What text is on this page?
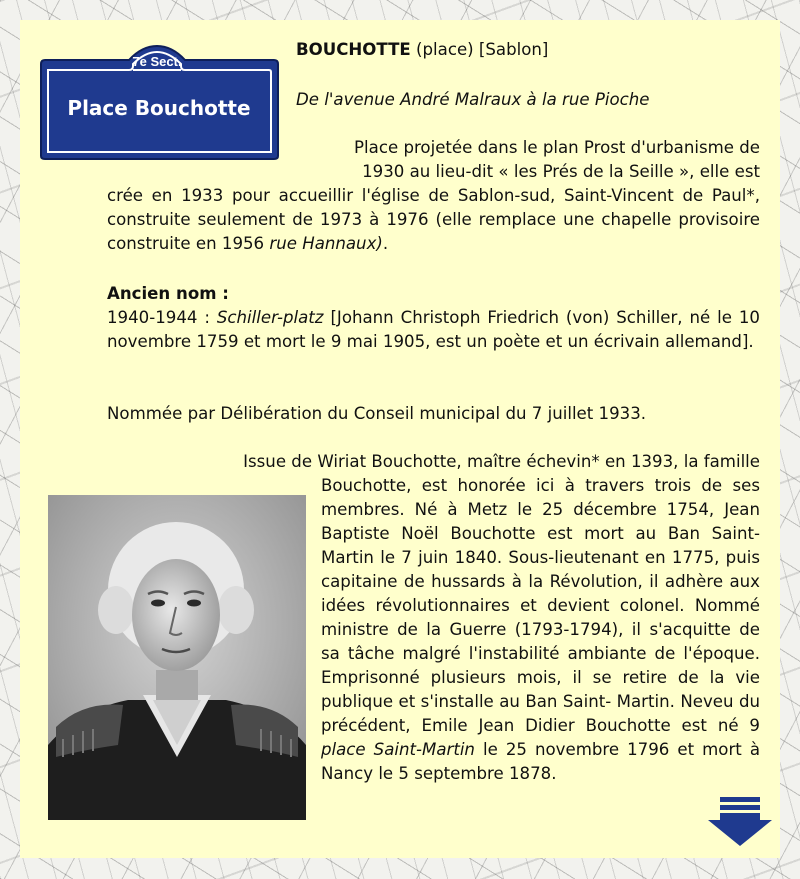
7e Sect.
Place Bouchotte
BOUCHOTTE (place) [Sablon]
De l'avenue André Malraux à la rue Pioche
Place projetée dans le plan Prost d'urbanisme de
1930 au lieu-dit « les Prés de la Seille », elle est
crée en 1933 pour accueillir l'église de Sablon-sud, Saint-Vincent de Paul*, construite seulement de 1973 à 1976 (elle remplace une chapelle provisoire construite en 1956 rue Hannaux).
Ancien nom :
1940-1944 : Schiller-platz [Johann Christoph Friedrich (von) Schiller, né le 10 novembre 1759 et mort le 9 mai 1905, est un poète et un écrivain allemand].
Nommée par Délibération du Conseil municipal du 7 juillet 1933.
Issue de Wiriat Bouchotte, maître échevin* en 1393, la famille
Bouchotte, est honorée ici à travers trois de ses membres. Né à Metz le 25 décembre 1754, Jean Baptiste Noël Bouchotte est mort au Ban Saint-Martin le 7 juin 1840. Sous-lieutenant en 1775, puis capitaine de hussards à la Révolution, il adhère aux idées révolutionnaires et devient colonel. Nommé ministre de la Guerre (1793-1794), il s'acquitte de sa tâche malgré l'instabilité ambiante de l'époque. Emprisonné plusieurs mois, il se retire de la vie publique et s'installe au Ban Saint- Martin. Neveu du précédent, Emile Jean Didier Bouchotte est né 9 place Saint-Martin le 25 novembre 1796 et mort à Nancy le 5 septembre 1878.
